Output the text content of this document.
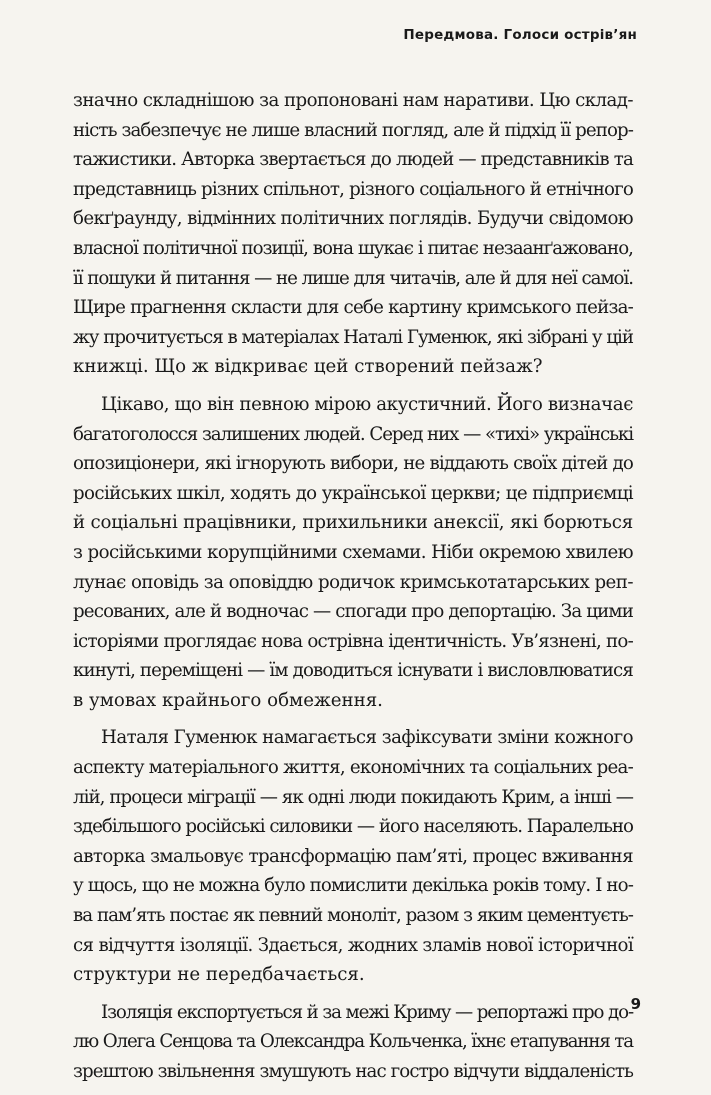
Передмова. Голоси острів’ян
значно складнішою за пропоновані нам наративи. Цю склад-
ність забезпечує не лише власний погляд, але й підхід її репор-
тажистики. Авторка звертається до людей — представників та
представниць різних спільнот, різного соціального й етнічного
бекґраунду, відмінних політичних поглядів. Будучи свідомою
власної політичної позиції, вона шукає і питає незаанґажовано,
її пошуки й питання — не лише для читачів, але й для неї самої.
Щире прагнення скласти для себе картину кримського пейза-
жу прочитується в матеріалах Наталі Гуменюк, які зібрані у цій
книжці. Що ж відкриває цей створений пейзаж?
Цікаво, що він певною мірою акустичний. Його визначає
багатоголосся залишених людей. Серед них — «тихі» українські
опозиціонери, які ігнорують вибори, не віддають своїх дітей до
російських шкіл, ходять до української церкви; це підприємці
й соціальні працівники, прихильники анексії, які борються
з російськими корупційними схемами. Ніби окремою хвилею
лунає оповідь за оповіддю родичок кримськотатарських реп-
ресованих, але й водночас — спогади про депортацію. За цими
історіями проглядає нова острівна ідентичність. Ув’язнені, по-
кинуті, переміщені — їм доводиться існувати і висловлюватися
в умовах крайнього обмеження.
Наталя Гуменюк намагається зафіксувати зміни кожного
аспекту матеріального життя, економічних та соціальних реа-
лій, процеси міграції — як одні люди покидають Крим, а інші —
здебільшого російські силовики — його населяють. Паралельно
авторка змальовує трансформацію пам’яті, процес вживання
у щось, що не можна було помислити декілька років тому. І но-
ва пам’ять постає як певний моноліт, разом з яким цементуєть-
ся відчуття ізоляції. Здається, жодних зламів нової історичної
структури не передбачається.
Ізоляція експортується й за межі Криму — репортажі про до-
лю Олега Сенцова та Олександра Кольченка, їхнє етапування та
зрештою звільнення змушують нас гостро відчути віддаленість
9
